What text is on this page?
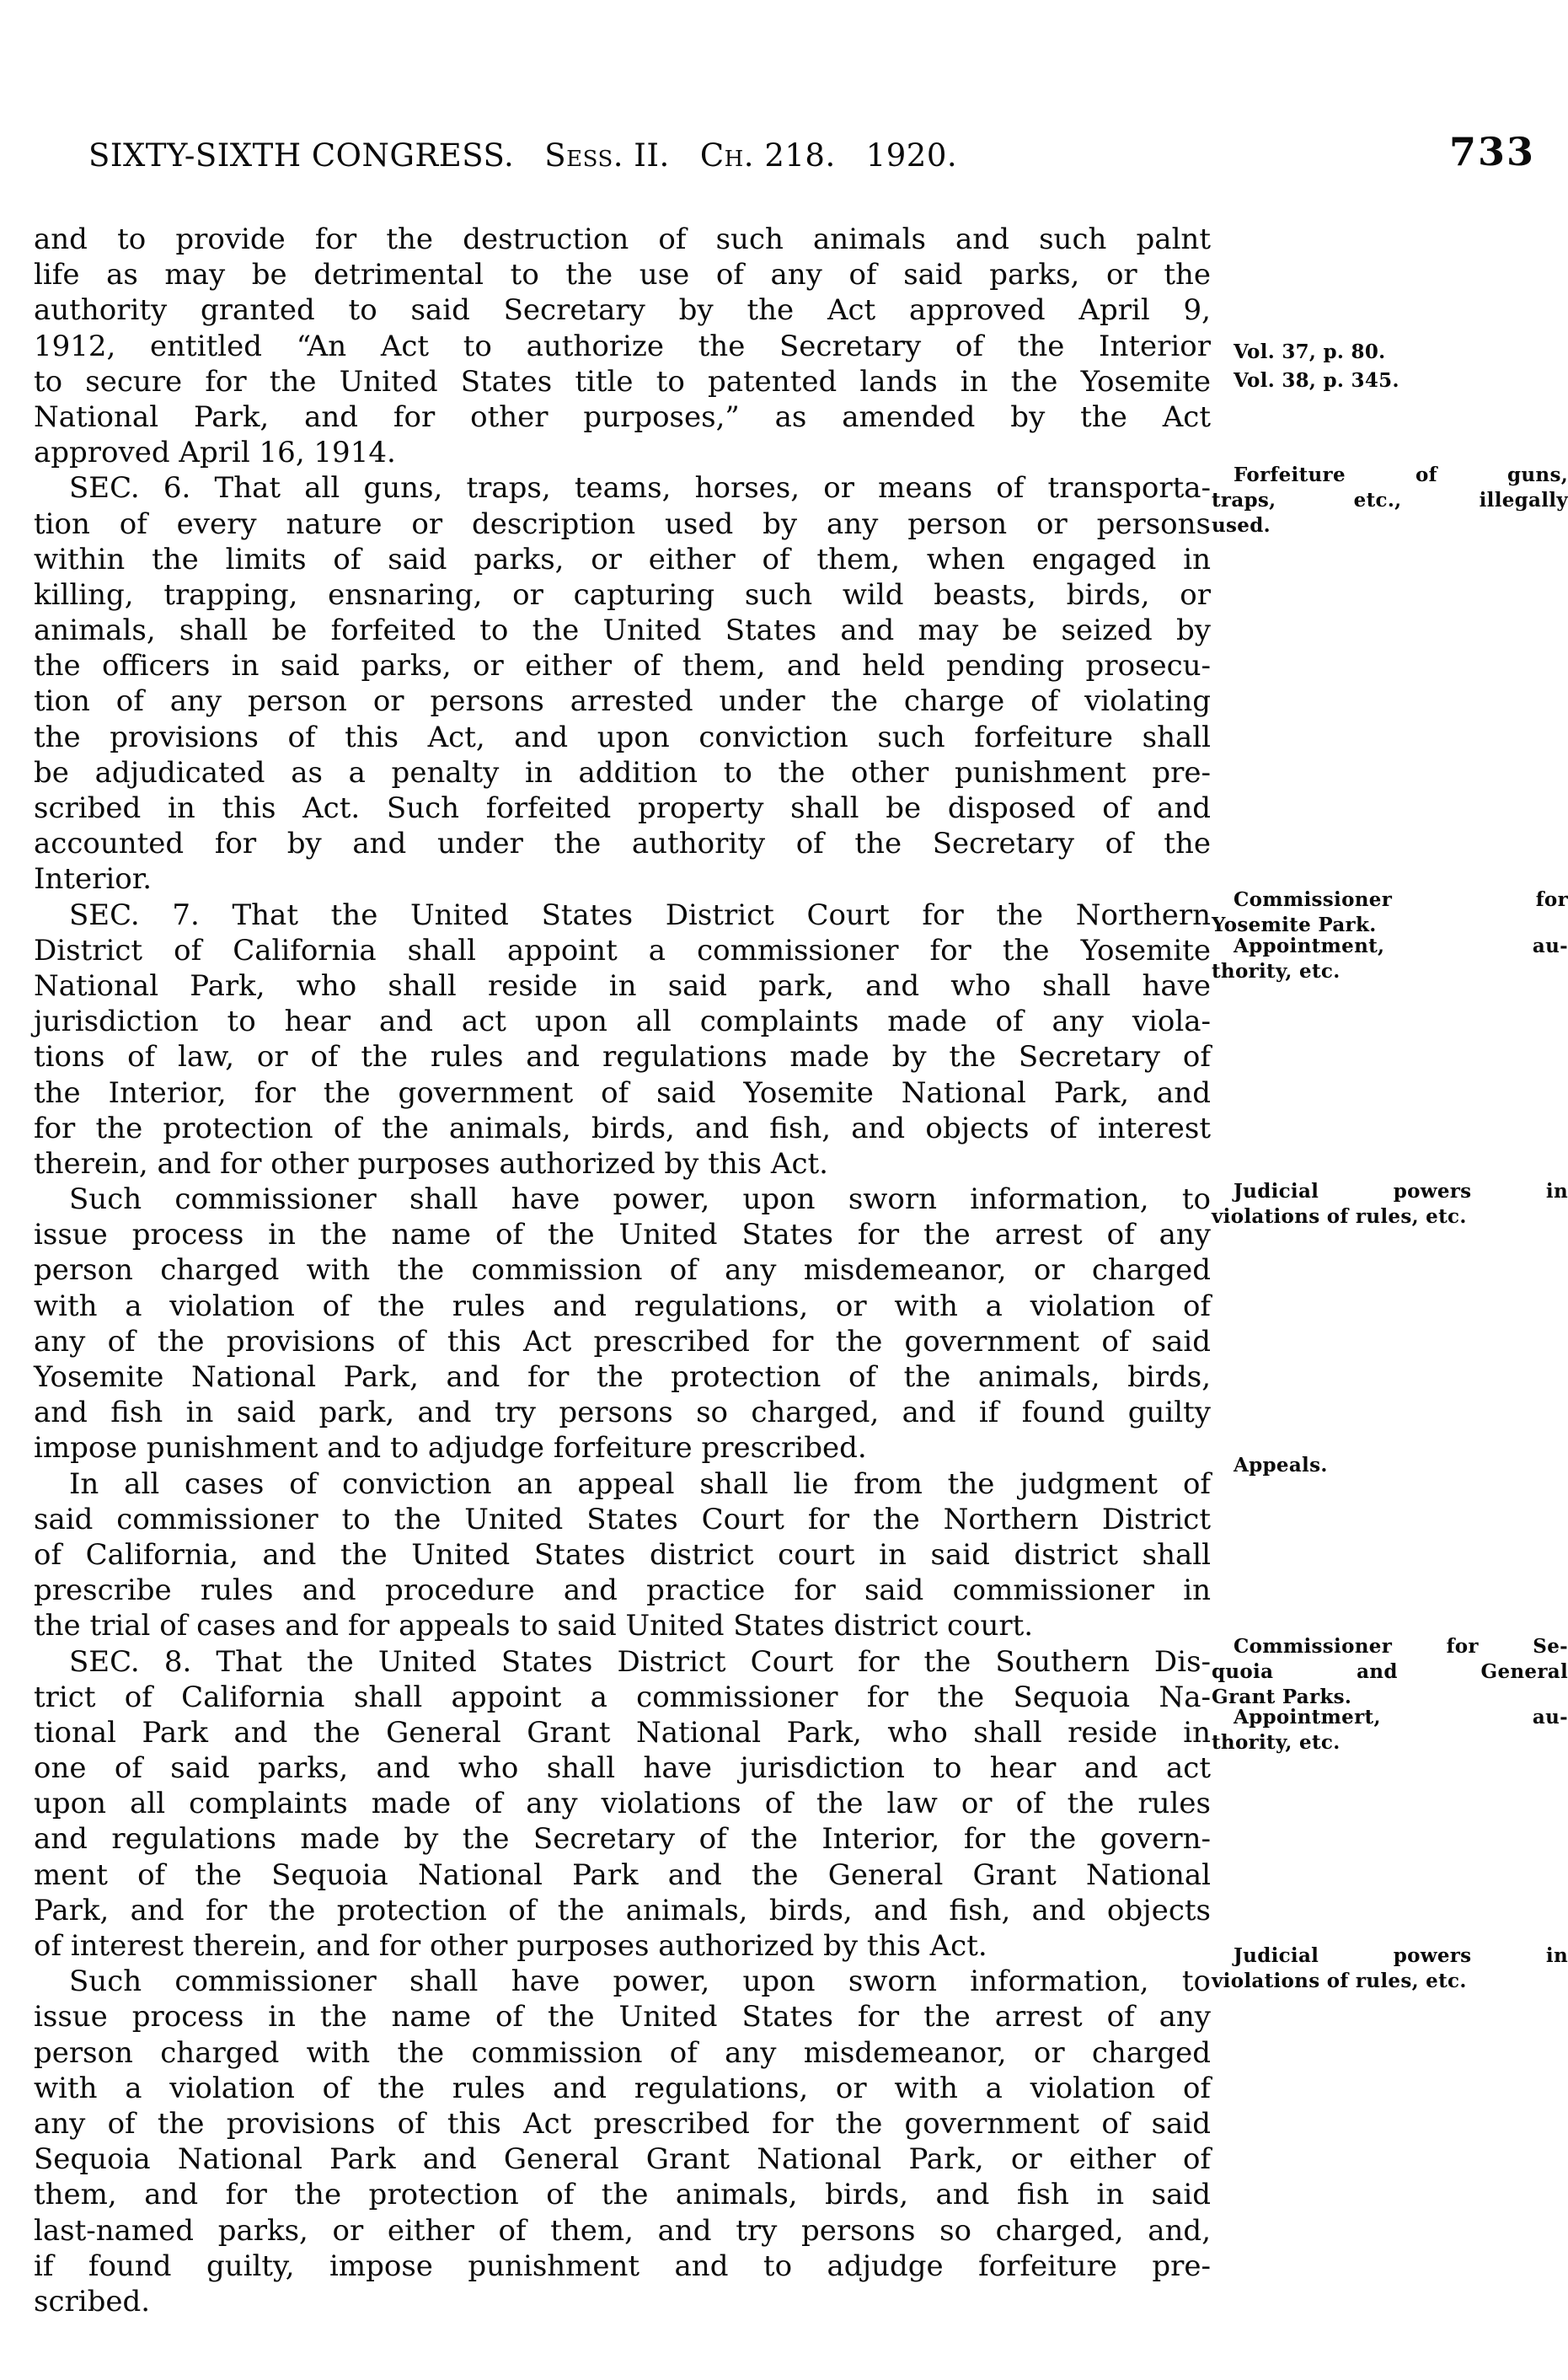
SIXTY-SIXTH CONGRESS. Sess. II. Ch. 218. 1920.	733
and to provide for the destruction of such animals and such palnt
life as may be detrimental to the use of any of said parks, or the
authority granted to said Secretary by the Act approved April 9,
1912, entitled “An Act to authorize the Secretary of the Interior
to secure for the United States title to patented lands in the Yosemite
National Park, and for other purposes,” as amended by the Act
approved April 16, 1914.
SEC. 6. That all guns, traps, teams, horses, or means of transporta-
tion of every nature or description used by any person or persons
within the limits of said parks, or either of them, when engaged in
killing, trapping, ensnaring, or capturing such wild beasts, birds, or
animals, shall be forfeited to the United States and may be seized by
the officers in said parks, or either of them, and held pending prosecu-
tion of any person or persons arrested under the charge of violating
the provisions of this Act, and upon conviction such forfeiture shall
be adjudicated as a penalty in addition to the other punishment pre-
scribed in this Act. Such forfeited property shall be disposed of and
accounted for by and under the authority of the Secretary of the
Interior.
SEC. 7. That the United States District Court for the Northern
District of California shall appoint a commissioner for the Yosemite
National Park, who shall reside in said park, and who shall have
jurisdiction to hear and act upon all complaints made of any viola-
tions of law, or of the rules and regulations made by the Secretary of
the Interior, for the government of said Yosemite National Park, and
for the protection of the animals, birds, and fish, and objects of interest
therein, and for other purposes authorized by this Act.
Such commissioner shall have power, upon sworn information, to
issue process in the name of the United States for the arrest of any
person charged with the commission of any misdemeanor, or charged
with a violation of the rules and regulations, or with a violation of
any of the provisions of this Act prescribed for the government of said
Yosemite National Park, and for the protection of the animals, birds,
and fish in said park, and try persons so charged, and if found guilty
impose punishment and to adjudge forfeiture prescribed.
In all cases of conviction an appeal shall lie from the judgment of
said commissioner to the United States Court for the Northern District
of California, and the United States district court in said district shall
prescribe rules and procedure and practice for said commissioner in
the trial of cases and for appeals to said United States district court.
SEC. 8. That the United States District Court for the Southern Dis-
trict of California shall appoint a commissioner for the Sequoia Na-
tional Park and the General Grant National Park, who shall reside in
one of said parks, and who shall have jurisdiction to hear and act
upon all complaints made of any violations of the law or of the rules
and regulations made by the Secretary of the Interior, for the govern-
ment of the Sequoia National Park and the General Grant National
Park, and for the protection of the animals, birds, and fish, and objects
of interest therein, and for other purposes authorized by this Act.
Such commissioner shall have power, upon sworn information, to
issue process in the name of the United States for the arrest of any
person charged with the commission of any misdemeanor, or charged
with a violation of the rules and regulations, or with a violation of
any of the provisions of this Act prescribed for the government of said
Sequoia National Park and General Grant National Park, or either of
them, and for the protection of the animals, birds, and fish in said
last-named parks, or either of them, and try persons so charged, and,
if found guilty, impose punishment and to adjudge forfeiture pre-
scribed.
Vol. 37, p. 80.
Vol. 38, p. 345.
Forfeiture of guns,
traps, etc., illegally
used.
Commissioner for
Yosemite Park.
Appointment, au-
thority, etc.
Judicial powers in
violations of rules, etc.
Appeals.
Commissioner for Se-
quoia and General
Grant Parks.
Appointmert, au-
thority, etc.
Judicial powers in
violations of rules, etc.
